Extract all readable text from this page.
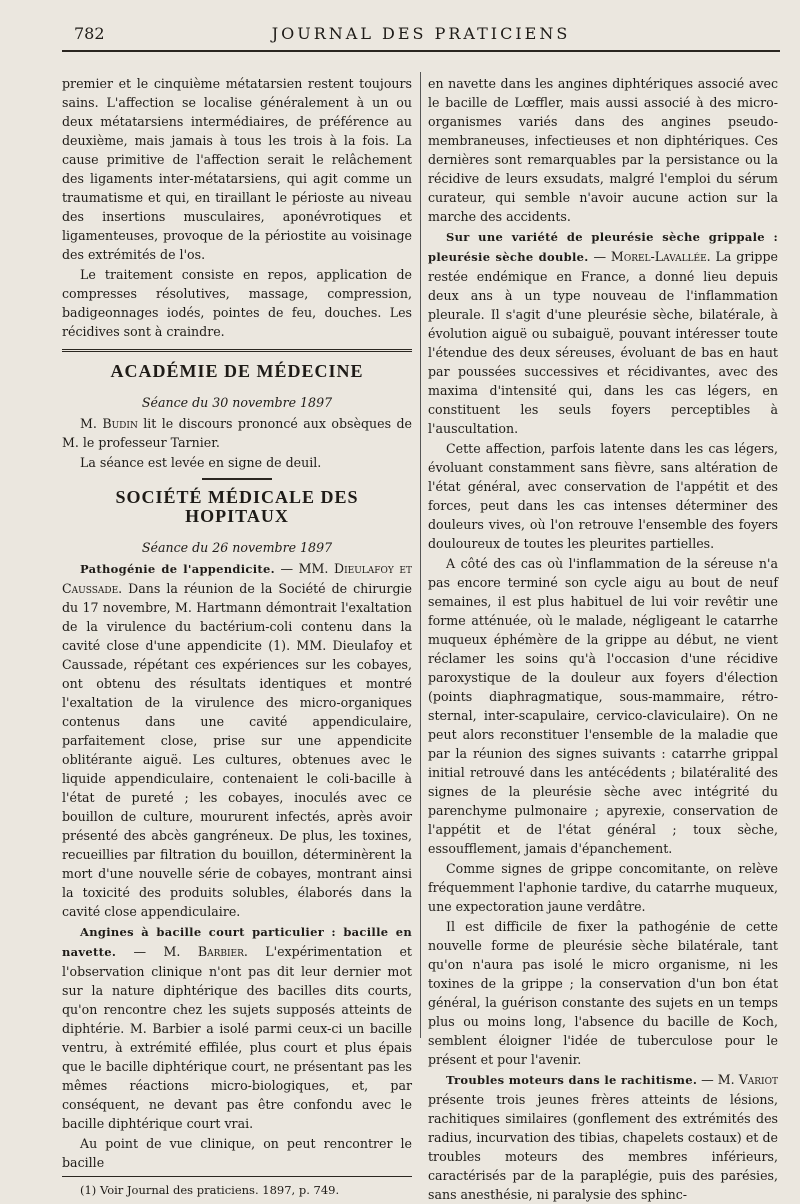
782	JOURNAL DES PRATICIENS

premier et le cinquième métatarsien restent toujours sains. L'affection se localise généralement à un ou deux métatarsiens intermédiaires, de préférence au deuxième, mais jamais à tous les trois à la fois. La cause primitive de l'affection serait le relâchement des ligaments inter-métatarsiens, qui agit comme un traumatisme et qui, en tiraillant le périoste au niveau des insertions musculaires, aponévrotiques et ligamenteuses, provoque de la périostite au voisinage des extrémités de l'os.

Le traitement consiste en repos, application de compresses résolutives, massage, compression, badigeonnages iodés, pointes de feu, douches. Les récidives sont à craindre.

ACADÉMIE DE MÉDECINE
Séance du 30 novembre 1897

M. Budin lit le discours prononcé aux obsèques de M. le professeur Tarnier.

La séance est levée en signe de deuil.

SOCIÉTÉ MÉDICALE DES HOPITAUX
Séance du 26 novembre 1897

Pathogénie de l'appendicite. — MM. Dieulafoy et Caussade. Dans la réunion de la Société de chirurgie du 17 novembre, M. Hartmann démontrait l'exaltation de la virulence du bactérium-coli contenu dans la cavité close d'une appendicite (1). MM. Dieulafoy et Caussade, répétant ces expériences sur les cobayes, ont obtenu des résultats identiques et montré l'exaltation de la virulence des micro-organiques contenus dans une cavité appendiculaire, parfaitement close, prise sur une appendicite oblitérante aiguë. Les cultures, obtenues avec le liquide appendiculaire, contenaient le coli-bacille à l'état de pureté ; les cobayes, inoculés avec ce bouillon de culture, moururent infectés, après avoir présenté des abcès gangréneux. De plus, les toxines, recueillies par filtration du bouillon, déterminèrent la mort d'une nouvelle série de cobayes, montrant ainsi la toxicité des produits solubles, élaborés dans la cavité close appendiculaire.

Angines à bacille court particulier : bacille en navette. — M. Barbier. L'expérimentation et l'observation clinique n'ont pas dit leur dernier mot sur la nature diphtérique des bacilles dits courts, qu'on rencontre chez les sujets supposés atteints de diphtérie. M. Barbier a isolé parmi ceux-ci un bacille ventru, à extrémité effilée, plus court et plus épais que le bacille diphtérique court, ne présentant pas les mêmes réactions micro-biologiques, et, par conséquent, ne devant pas être confondu avec le bacille diphtérique court vrai.

Au point de vue clinique, on peut rencontrer le bacille

(1) Voir Journal des praticiens. 1897, p. 749.

en navette dans les angines diphtériques associé avec le bacille de Lœffler, mais aussi associé à des micro-organismes variés dans des angines pseudo-membraneuses, infectieuses et non diphtériques. Ces dernières sont remarquables par la persistance ou la récidive de leurs exsudats, malgré l'emploi du sérum curateur, qui semble n'avoir aucune action sur la marche des accidents.

Sur une variété de pleurésie sèche grippale : pleurésie sèche double. — Morel-Lavallée. La grippe restée endémique en France, a donné lieu depuis deux ans à un type nouveau de l'inflammation pleurale. Il s'agit d'une pleurésie sèche, bilatérale, à évolution aiguë ou subaiguë, pouvant intéresser toute l'étendue des deux séreuses, évoluant de bas en haut par poussées successives et récidivantes, avec des maxima d'intensité qui, dans les cas légers, en constituent les seuls foyers perceptibles à l'auscultation.

Cette affection, parfois latente dans les cas légers, évoluant constamment sans fièvre, sans altération de l'état général, avec conservation de l'appétit et des forces, peut dans les cas intenses déterminer des douleurs vives, où l'on retrouve l'ensemble des foyers douloureux de toutes les pleurites partielles.

A côté des cas où l'inflammation de la séreuse n'a pas encore terminé son cycle aigu au bout de neuf semaines, il est plus habituel de lui voir revêtir une forme atténuée, où le malade, négligeant le catarrhe muqueux éphémère de la grippe au début, ne vient réclamer les soins qu'à l'occasion d'une récidive paroxystique de la douleur aux foyers d'élection (points diaphragmatique, sous-mammaire, rétro-sternal, inter-scapulaire, cervico-claviculaire). On ne peut alors reconstituer l'ensemble de la maladie que par la réunion des signes suivants : catarrhe grippal initial retrouvé dans les antécédents ; bilatéralité des signes de la pleurésie sèche avec intégrité du parenchyme pulmonaire ; apyrexie, conservation de l'appétit et de l'état général ; toux sèche, essoufflement, jamais d'épanchement.

Comme signes de grippe concomitante, on relève fréquemment l'aphonie tardive, du catarrhe muqueux, une expectoration jaune verdâtre.

Il est difficile de fixer la pathogénie de cette nouvelle forme de pleurésie sèche bilatérale, tant qu'on n'aura pas isolé le micro organisme, ni les toxines de la grippe ; la conservation d'un bon état général, la guérison constante des sujets en un temps plus ou moins long, l'absence du bacille de Koch, semblent éloigner l'idée de tuberculose pour le présent et pour l'avenir.

Troubles moteurs dans le rachitisme. — M. Variot présente trois jeunes frères atteints de lésions, rachitiques similaires (gonflement des extrémités des radius, incurvation des tibias, chapelets costaux) et de troubles moteurs des membres inférieurs, caractérisés par de la paraplégie, puis des parésies, sans anesthésie, ni paralysie des sphinc-
